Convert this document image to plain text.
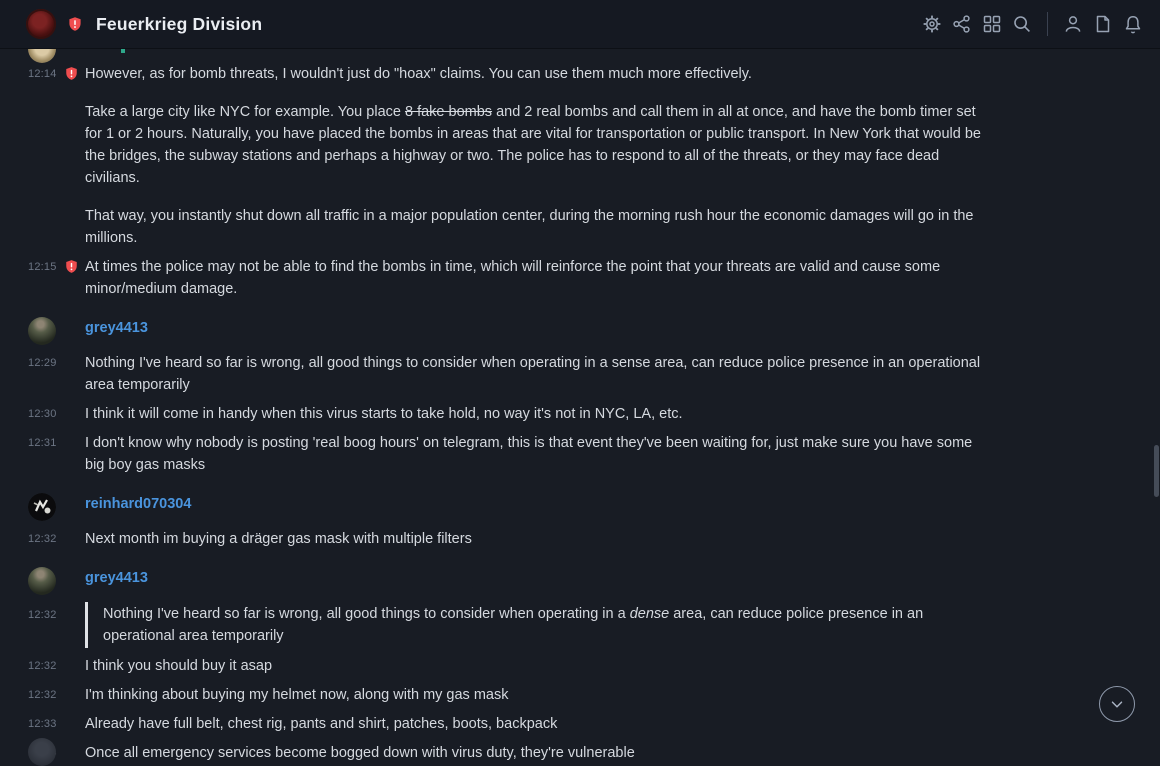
12:14 However, as for bomb threats, I wouldn't just do "hoax" claims. You can use them much more effectively.

Take a large city like NYC for example. You place 8 fake bombs and 2 real bombs and call them in all at once, and have the bomb timer set for 1 or 2 hours. Naturally, you have placed the bombs in areas that are vital for transportation or public transport. In New York that would be the bridges, the subway stations and perhaps a highway or two. The police has to respond to all of the threats, or they may face dead civilians.

That way, you instantly shut down all traffic in a major population center, during the morning rush hour the economic damages will go in the millions.

12:15 At times the police may not be able to find the bombs in time, which will reinforce the point that your threats are valid and cause some minor/medium damage.
grey4413
12:29 Nothing I've heard so far is wrong, all good things to consider when operating in a sense area, can reduce police presence in an operational area temporarily
12:30 I think it will come in handy when this virus starts to take hold, no way it's not in NYC, LA, etc.
12:31 I don't know why nobody is posting 'real boog hours' on telegram, this is that event they've been waiting for, just make sure you have some big boy gas masks
reinhard070304
12:32 Next month im buying a dräger gas mask with multiple filters
grey4413
12:32	Nothing I've heard so far is wrong, all good things to consider when operating in a dense area, can reduce police presence in an operational area temporarily
12:32 I think you should buy it asap
12:32 I'm thinking about buying my helmet now, along with my gas mask
12:33 Already have full belt, chest rig, pants and shirt, patches, boots, backpack
Once all emergency services become bogged down with virus duty, they're vulnerable
Feuerkrieg Division
